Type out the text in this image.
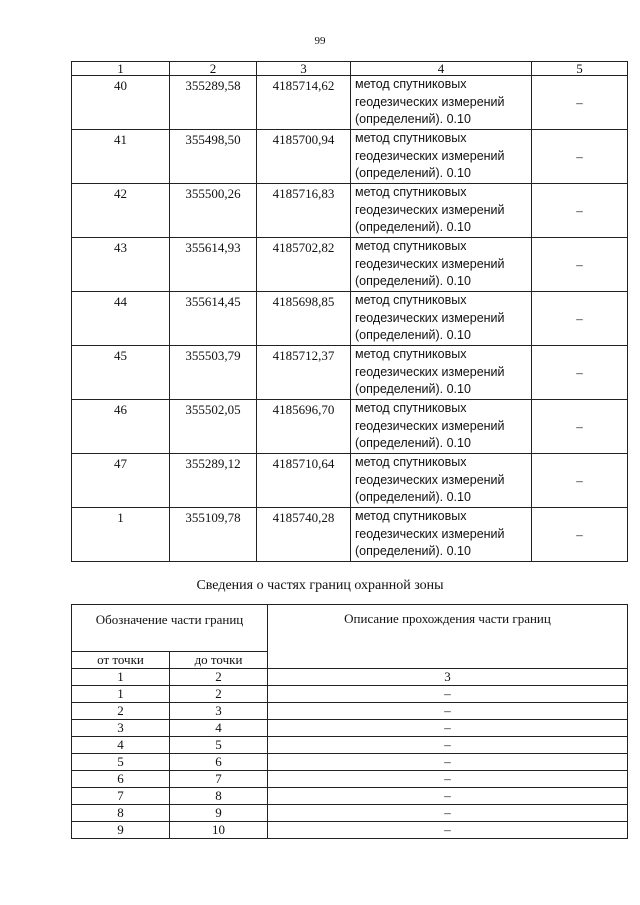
99
1	2	3	4	5
40	355289,58	4185714,62	метод спутниковых
геодезических измерений
(определений). 0.10	–
41	355498,50	4185700,94	метод спутниковых
геодезических измерений
(определений). 0.10	–
42	355500,26	4185716,83	метод спутниковых
геодезических измерений
(определений). 0.10	–
43	355614,93	4185702,82	метод спутниковых
геодезических измерений
(определений). 0.10	–
44	355614,45	4185698,85	метод спутниковых
геодезических измерений
(определений). 0.10	–
45	355503,79	4185712,37	метод спутниковых
геодезических измерений
(определений). 0.10	–
46	355502,05	4185696,70	метод спутниковых
геодезических измерений
(определений). 0.10	–
47	355289,12	4185710,64	метод спутниковых
геодезических измерений
(определений). 0.10	–
1	355109,78	4185740,28	метод спутниковых
геодезических измерений
(определений). 0.10	–
Сведения о частях границ охранной зоны
Обозначение части границ		Описание прохождения части границ
от точки	до точки	
1	2	3
1	2	–
2	3	–
3	4	–
4	5	–
5	6	–
6	7	–
7	8	–
8	9	–
9	10	–
